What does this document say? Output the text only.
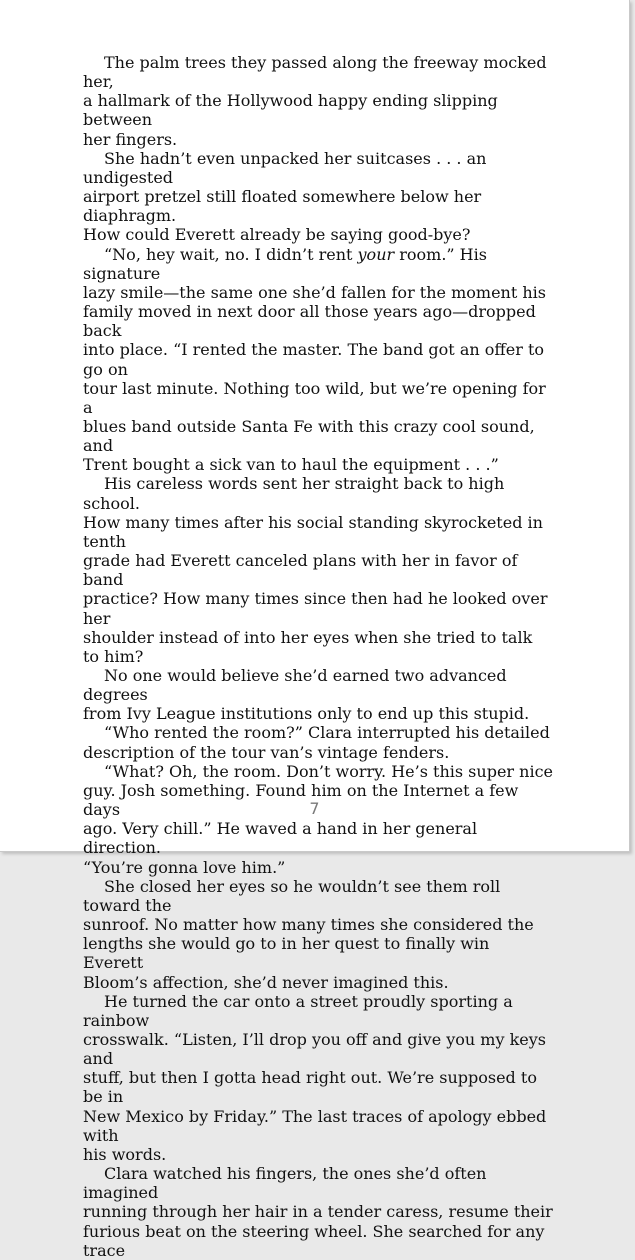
The palm trees they passed along the freeway mocked her,
a hallmark of the Hollywood happy ending slipping between
her fingers.

She hadn’t even unpacked her suitcases . . . an undigested
airport pretzel still floated somewhere below her diaphragm.
How could Everett already be saying good-bye?

“No, hey wait, no. I didn’t rent your room.” His signature
lazy smile—the same one she’d fallen for the moment his
family moved in next door all those years ago—dropped back
into place. “I rented the master. The band got an offer to go on
tour last minute. Nothing too wild, but we’re opening for a
blues band outside Santa Fe with this crazy cool sound, and
Trent bought a sick van to haul the equipment . . .”

His careless words sent her straight back to high school.
How many times after his social standing skyrocketed in tenth
grade had Everett canceled plans with her in favor of band
practice? How many times since then had he looked over her
shoulder instead of into her eyes when she tried to talk to him?

No one would believe she’d earned two advanced degrees
from Ivy League institutions only to end up this stupid.

“Who rented the room?” Clara interrupted his detailed
description of the tour van’s vintage fenders.

“What? Oh, the room. Don’t worry. He’s this super nice
guy. Josh something. Found him on the Internet a few days
ago. Very chill.” He waved a hand in her general direction.
“You’re gonna love him.”

She closed her eyes so he wouldn’t see them roll toward the
sunroof. No matter how many times she considered the
lengths she would go to in her quest to finally win Everett
Bloom’s affection, she’d never imagined this.

He turned the car onto a street proudly sporting a rainbow
crosswalk. “Listen, I’ll drop you off and give you my keys and
stuff, but then I gotta head right out. We’re supposed to be in
New Mexico by Friday.” The last traces of apology ebbed with
his words.

Clara watched his fingers, the ones she’d often imagined
running through her hair in a tender caress, resume their
furious beat on the steering wheel. She searched for any trace

7
